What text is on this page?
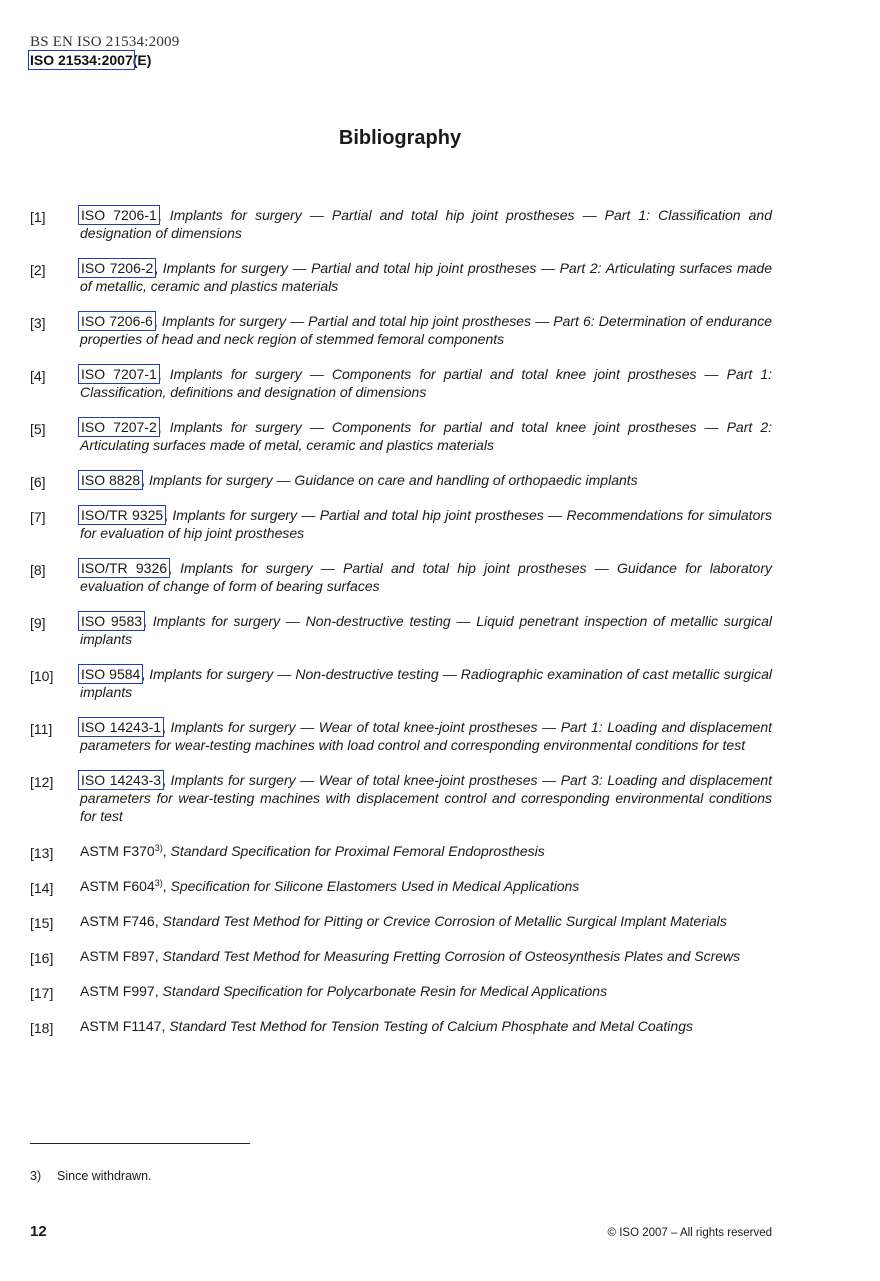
BS EN ISO 21534:2009
ISO 21534:2007(E)
Bibliography
[1]	ISO 7206-1, Implants for surgery — Partial and total hip joint prostheses — Part 1: Classification and designation of dimensions
[2]	ISO 7206-2, Implants for surgery — Partial and total hip joint prostheses — Part 2: Articulating surfaces made of metallic, ceramic and plastics materials
[3]	ISO 7206-6, Implants for surgery — Partial and total hip joint prostheses — Part 6: Determination of endurance properties of head and neck region of stemmed femoral components
[4]	ISO 7207-1, Implants for surgery — Components for partial and total knee joint prostheses — Part 1: Classification, definitions and designation of dimensions
[5]	ISO 7207-2, Implants for surgery — Components for partial and total knee joint prostheses — Part 2: Articulating surfaces made of metal, ceramic and plastics materials
[6]	ISO 8828, Implants for surgery — Guidance on care and handling of orthopaedic implants
[7]	ISO/TR 9325, Implants for surgery — Partial and total hip joint prostheses — Recommendations for simulators for evaluation of hip joint prostheses
[8]	ISO/TR 9326, Implants for surgery — Partial and total hip joint prostheses — Guidance for laboratory evaluation of change of form of bearing surfaces
[9]	ISO 9583, Implants for surgery — Non-destructive testing — Liquid penetrant inspection of metallic surgical implants
[10]	ISO 9584, Implants for surgery — Non-destructive testing — Radiographic examination of cast metallic surgical implants
[11]	ISO 14243-1, Implants for surgery — Wear of total knee-joint prostheses — Part 1: Loading and displacement parameters for wear-testing machines with load control and corresponding environmental conditions for test
[12]	ISO 14243-3, Implants for surgery — Wear of total knee-joint prostheses — Part 3: Loading and displacement parameters for wear-testing machines with displacement control and corresponding environmental conditions for test
[13]	ASTM F370$^{3)}$, Standard Specification for Proximal Femoral Endoprosthesis
[14]	ASTM F604$^{3)}$, Specification for Silicone Elastomers Used in Medical Applications
[15]	ASTM F746, Standard Test Method for Pitting or Crevice Corrosion of Metallic Surgical Implant Materials
[16]	ASTM F897, Standard Test Method for Measuring Fretting Corrosion of Osteosynthesis Plates and Screws
[17]	ASTM F997, Standard Specification for Polycarbonate Resin for Medical Applications
[18]	ASTM F1147, Standard Test Method for Tension Testing of Calcium Phosphate and Metal Coatings
3) Since withdrawn.
12	© ISO 2007 – All rights reserved
